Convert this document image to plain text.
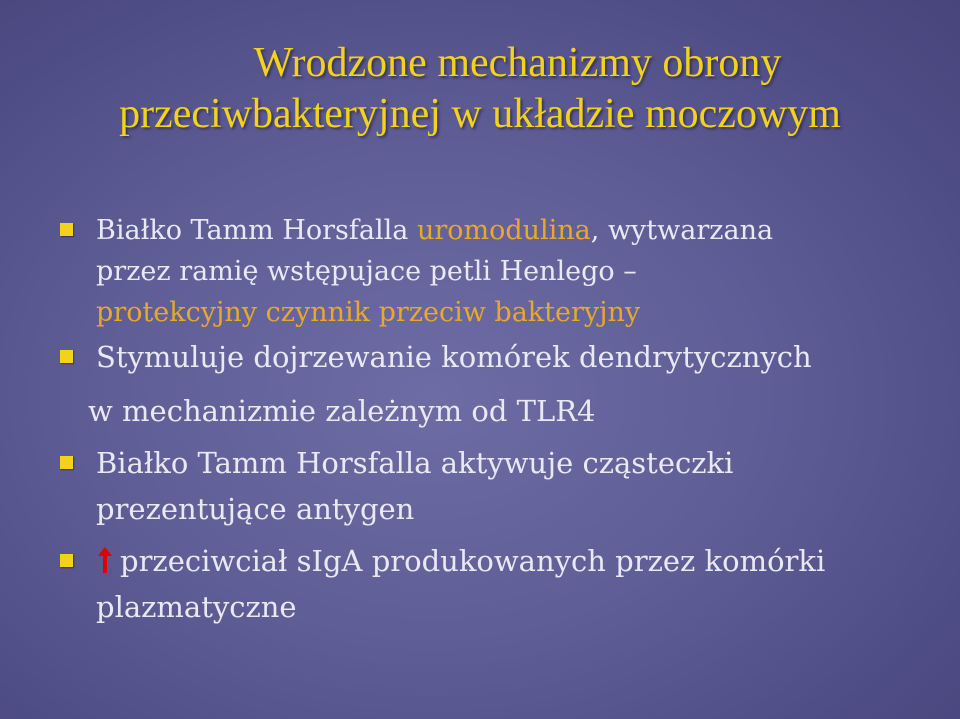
Wrodzone mechanizmy obrony
przeciwbakteryjnej w układzie moczowym
Białko Tamm Horsfalla uromodulina, wytwarzana
przez ramię wstępujace petli Henlego –
protekcyjny czynnik przeciw bakteryjny
Stymuluje dojrzewanie komórek dendrytycznych
w mechanizmie zależnym od TLR4
Białko Tamm Horsfalla aktywuje cząsteczki
prezentujące antygen
przeciwciał sIgA produkowanych przez komórki
plazmatyczne
